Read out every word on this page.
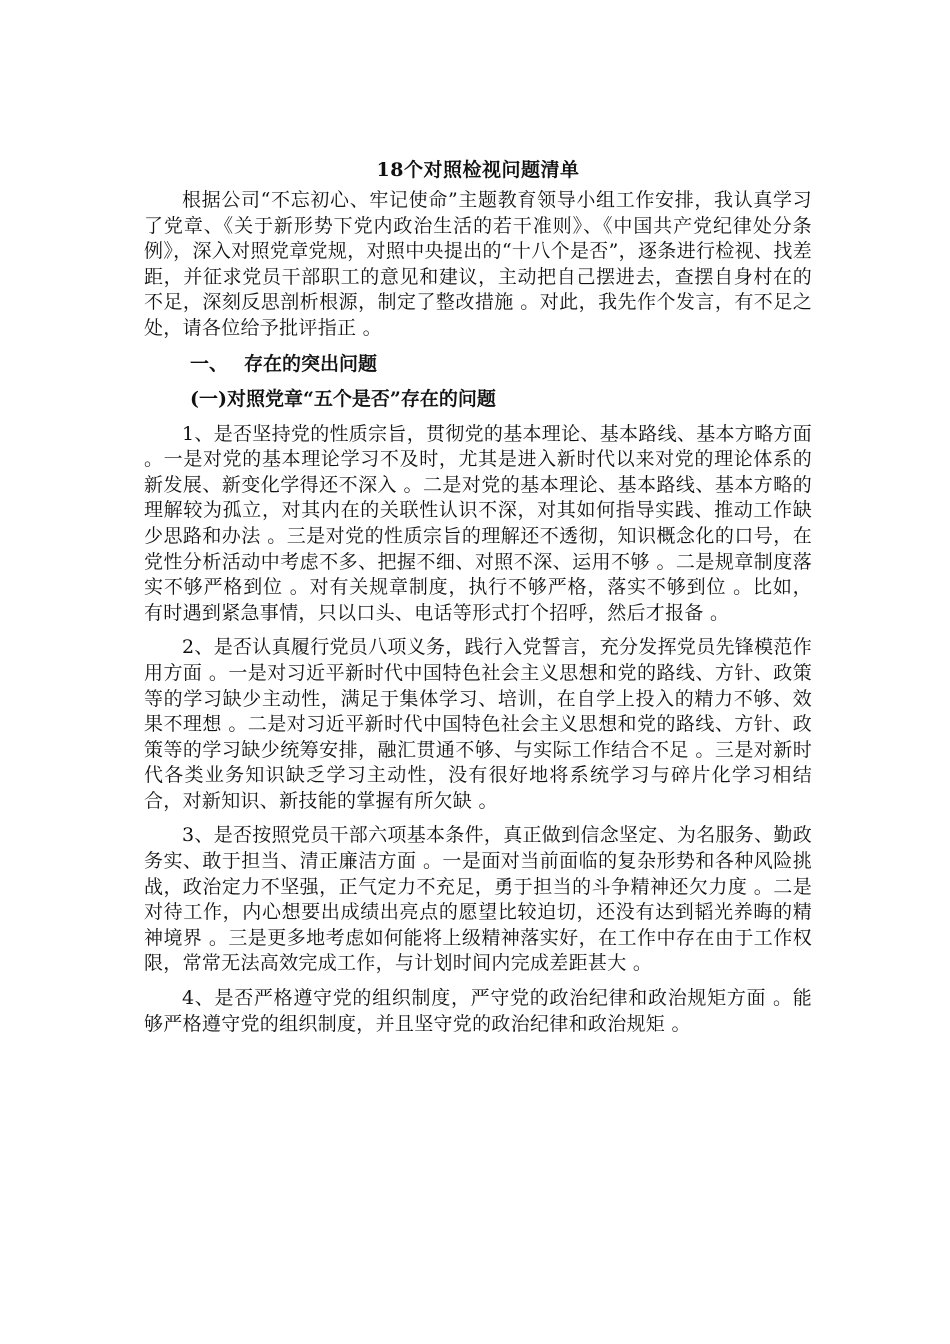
18个对照检视问题清单

根据公司“不忘初心、牢记使命”主题教育领导小组工作安排，我认真学习了党章、《关于新形势下党内政治生活的若干准则》、《中国共产党纪律处分条例》，深入对照党章党规，对照中央提出的“十八个是否”，逐条进行检视、找差距，并征求党员干部职工的意见和建议，主动把自己摆进去，查摆自身村在的不足，深刻反思剖析根源，制定了整改措施 。对此，我先作个发言，有不足之处，请各位给予批评指正 。

一、 存在的突出问题
(一)对照党章“五个是否”存在的问题

1、是否坚持党的性质宗旨，贯彻党的基本理论、基本路线、基本方略方面 。一是对党的基本理论学习不及时，尤其是进入新时代以来对党的理论体系的新发展、新变化学得还不深入 。二是对党的基本理论、基本路线、基本方略的理解较为孤立，对其内在的关联性认识不深，对其如何指导实践、推动工作缺少思路和办法 。三是对党的性质宗旨的理解还不透彻，知识概念化的口号，在党性分析活动中考虑不多、把握不细、对照不深、运用不够 。二是规章制度落实不够严格到位 。对有关规章制度，执行不够严格，落实不够到位 。比如，有时遇到紧急事情，只以口头、电话等形式打个招呼，然后才报备 。

2、是否认真履行党员八项义务，践行入党誓言，充分发挥党员先锋模范作用方面 。一是对习近平新时代中国特色社会主义思想和党的路线、方针、政策等的学习缺少主动性，满足于集体学习、培训，在自学上投入的精力不够、效果不理想 。二是对习近平新时代中国特色社会主义思想和党的路线、方针、政策等的学习缺少统筹安排，融汇贯通不够、与实际工作结合不足 。三是对新时代各类业务知识缺乏学习主动性，没有很好地将系统学习与碎片化学习相结合，对新知识、新技能的掌握有所欠缺 。

3、是否按照党员干部六项基本条件，真正做到信念坚定、为名服务、勤政务实、敢于担当、清正廉洁方面 。一是面对当前面临的复杂形势和各种风险挑战，政治定力不坚强，正气定力不充足，勇于担当的斗争精神还欠力度 。二是对待工作，内心想要出成绩出亮点的愿望比较迫切，还没有达到韬光养晦的精神境界 。三是更多地考虑如何能将上级精神落实好，在工作中存在由于工作权限，常常无法高效完成工作，与计划时间内完成差距甚大 。

4、是否严格遵守党的组织制度，严守党的政治纪律和政治规矩方面 。能够严格遵守党的组织制度，并且坚守党的政治纪律和政治规矩 。
